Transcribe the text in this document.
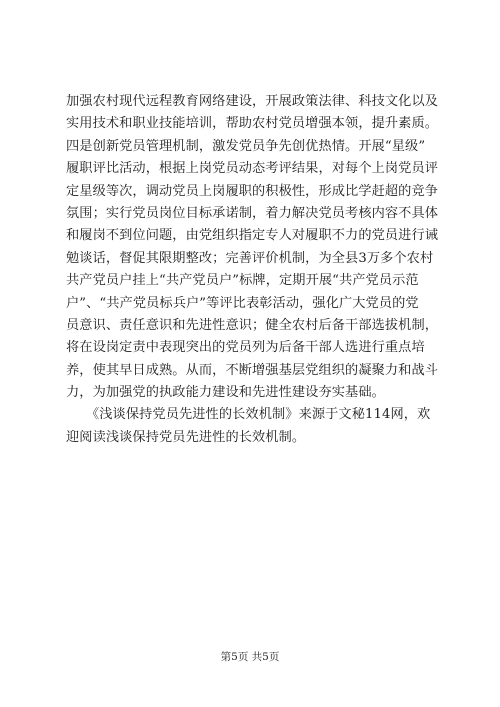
加强农村现代远程教育网络建设，开展政策法律、科技文化以及
实用技术和职业技能培训，帮助农村党员增强本领，提升素质。
四是创新党员管理机制，激发党员争先创优热情。开展“星级”
履职评比活动，根据上岗党员动态考评结果，对每个上岗党员评
定星级等次，调动党员上岗履职的积极性，形成比学赶超的竞争
氛围；实行党员岗位目标承诺制，着力解决党员考核内容不具体
和履岗不到位问题，由党组织指定专人对履职不力的党员进行诫
勉谈话，督促其限期整改；完善评价机制，为全县3万多个农村
共产党员户挂上“共产党员户”标牌，定期开展“共产党员示范
户”、“共产党员标兵户”等评比表彰活动，强化广大党员的党
员意识、责任意识和先进性意识；健全农村后备干部选拔机制，
将在设岗定责中表现突出的党员列为后备干部人选进行重点培
养，使其早日成熟。从而，不断增强基层党组织的凝聚力和战斗
力，为加强党的执政能力建设和先进性建设夯实基础。
　　《浅谈保持党员先进性的长效机制》来源于文秘114网，欢
迎阅读浅谈保持党员先进性的长效机制。
第5页 共5页
